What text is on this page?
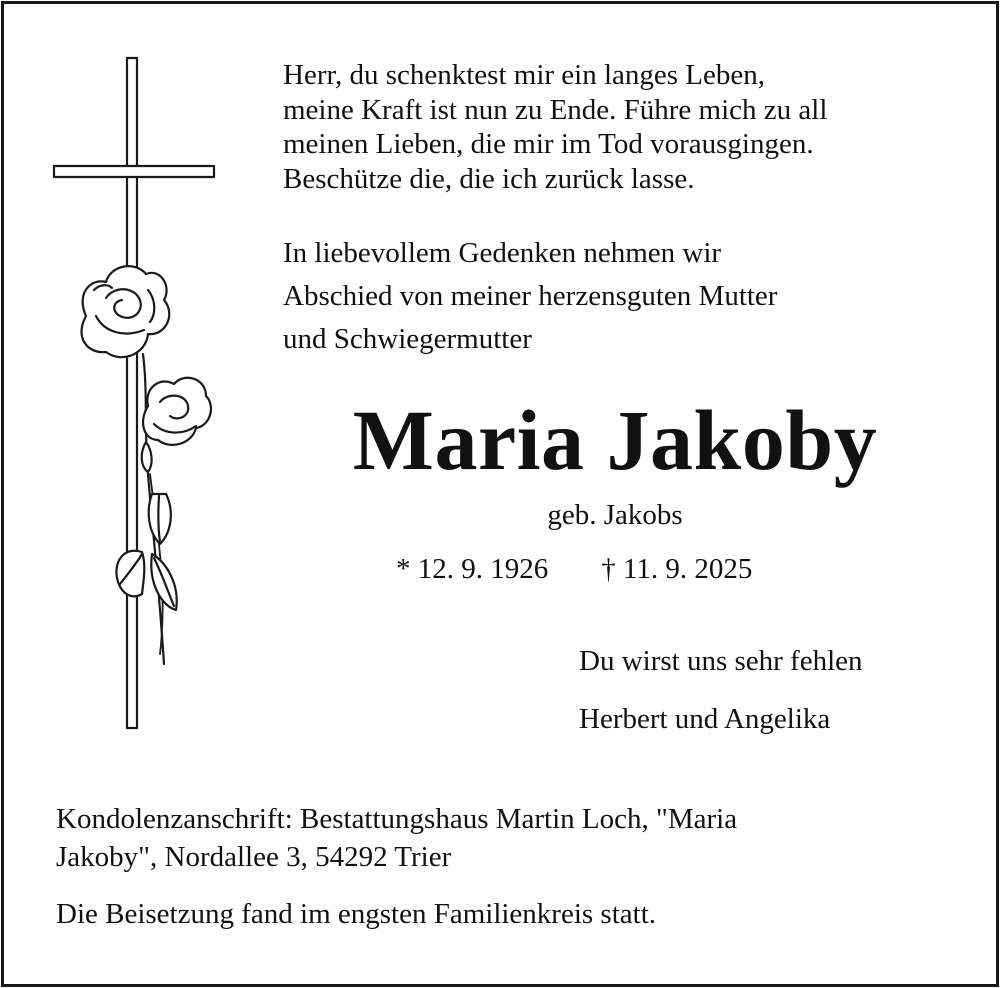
Herr, du schenktest mir ein langes Leben,

meine Kraft ist nun zu Ende. Führe mich zu all

meinen Lieben, die mir im Tod vorausgingen.

Beschütze die, die ich zurück lasse.

In liebevollem Gedenken nehmen wir

Abschied von meiner herzensguten Mutter

und Schwiegermutter

Maria Jakoby
geb. Jakobs
* 12. 9. 1926 † 11. 9. 2025
Du wirst uns sehr fehlen
Herbert und Angelika

Kondolenzanschrift: Bestattungshaus Martin Loch, "Maria

Jakoby", Nordallee 3, 54292 Trier

Die Beisetzung fand im engsten Familienkreis statt.
